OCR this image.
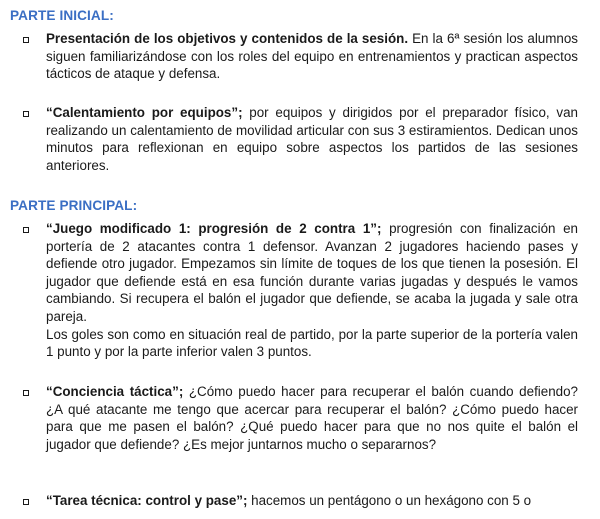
PARTE INICIAL:
Presentación de los objetivos y contenidos de la sesión. En la 6ª sesión los alumnos siguen familiarizándose con los roles del equipo en entrenamientos y practican aspectos tácticos de ataque y defensa.
“Calentamiento por equipos”; por equipos y dirigidos por el preparador físico, van realizando un calentamiento de movilidad articular con sus 3 estiramientos. Dedican unos minutos para reflexionan en equipo sobre aspectos los partidos de las sesiones anteriores.
PARTE PRINCIPAL:
“Juego modificado 1: progresión de 2 contra 1”; progresión con finalización en portería de 2 atacantes contra 1 defensor. Avanzan 2 jugadores haciendo pases y defiende otro jugador. Empezamos sin límite de toques de los que tienen la posesión. El jugador que defiende está en esa función durante varias jugadas y después le vamos cambiando. Si recupera el balón el jugador que defiende, se acaba la jugada y sale otra pareja.
Los goles son como en situación real de partido, por la parte superior de la portería valen 1 punto y por la parte inferior valen 3 puntos.
“Conciencia táctica”; ¿Cómo puedo hacer para recuperar el balón cuando defiendo? ¿A qué atacante me tengo que acercar para recuperar el balón? ¿Cómo puedo hacer para que me pasen el balón? ¿Qué puedo hacer para que no nos quite el balón el jugador que defiende? ¿Es mejor juntarnos mucho o separarnos?
“Tarea técnica: control y pase”; hacemos un pentágono o un hexágono con 5 o
